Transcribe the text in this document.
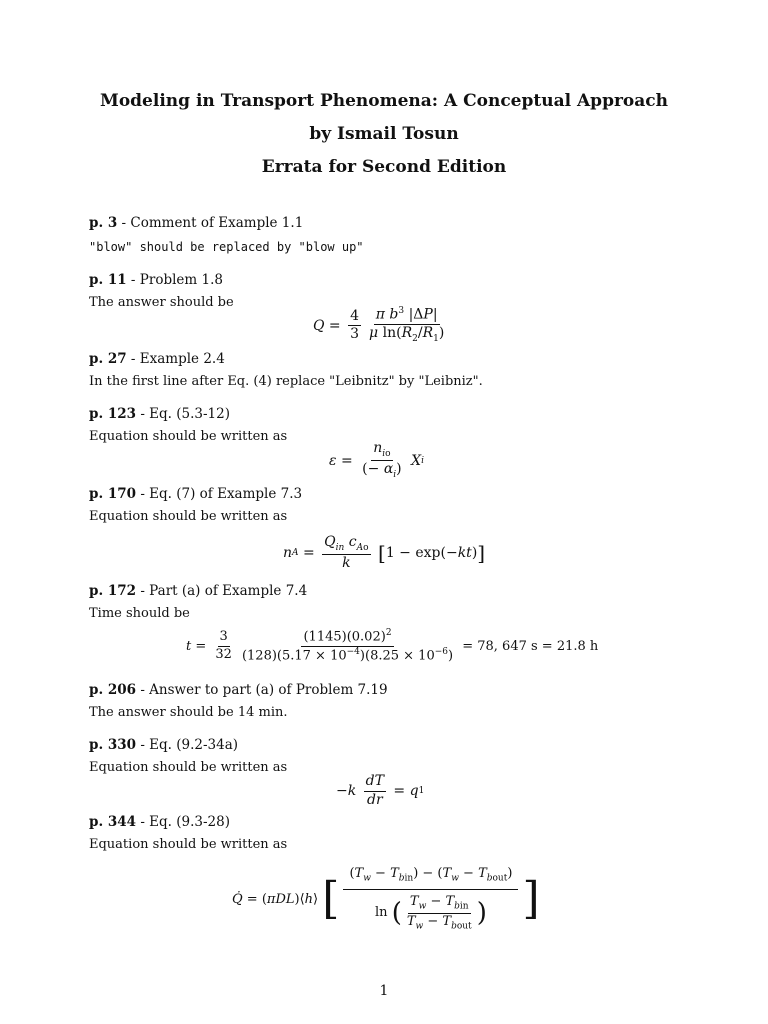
Modeling in Transport Phenomena: A Conceptual Approach
by Ismail Tosun
Errata for Second Edition
p. 3 - Comment of Example 1.1
"blow" should be replaced by "blow up"
p. 11 - Problem 1.8
The answer should be
$Q = \frac{4}{3} \frac{\pi b^3 |\Delta P|}{\mu \ln(R_2/R_1)}$
p. 27 - Example 2.4
In the first line after Eq. (4) replace "Leibnitz" by "Leibniz".
p. 123 - Eq. (5.3-12)
Equation should be written as
$\varepsilon = \frac{n_{io}}{(- \alpha_i)}$
X i
p. 170 - Eq. (7) of Example 7.3
Equation should be written as
n $A = \frac{Q_{in} c_{Ao}}{k}$
[ 1 − exp(− kt ) ]
p. 172 - Part (a) of Example 7.4
Time should be
$t = \frac{3}{32} \frac{(1145)(0.02)^2}{(128)(5.17 \times 10^{-4})(8.25 \times 10^{-6})}$
= 78, 647 s = 21.8 h
p. 206 - Answer to part (a) of Problem 7.19
The answer should be 14 min.
p. 330 - Eq. (9.2-34a)
Equation should be written as
− k
$\frac{dT}{dr} = q$ 1
p. 344 - Eq. (9.3-28)
Equation should be written as
Q̇ = ( πDL )⟨ h ⟩ [ $\frac{(T_w - T_{bin}) - (T_w - T_{bout})}{\ln ( \frac{T_w - T_{bin}}{T_w - T_{bout}} )}$ ]
1
